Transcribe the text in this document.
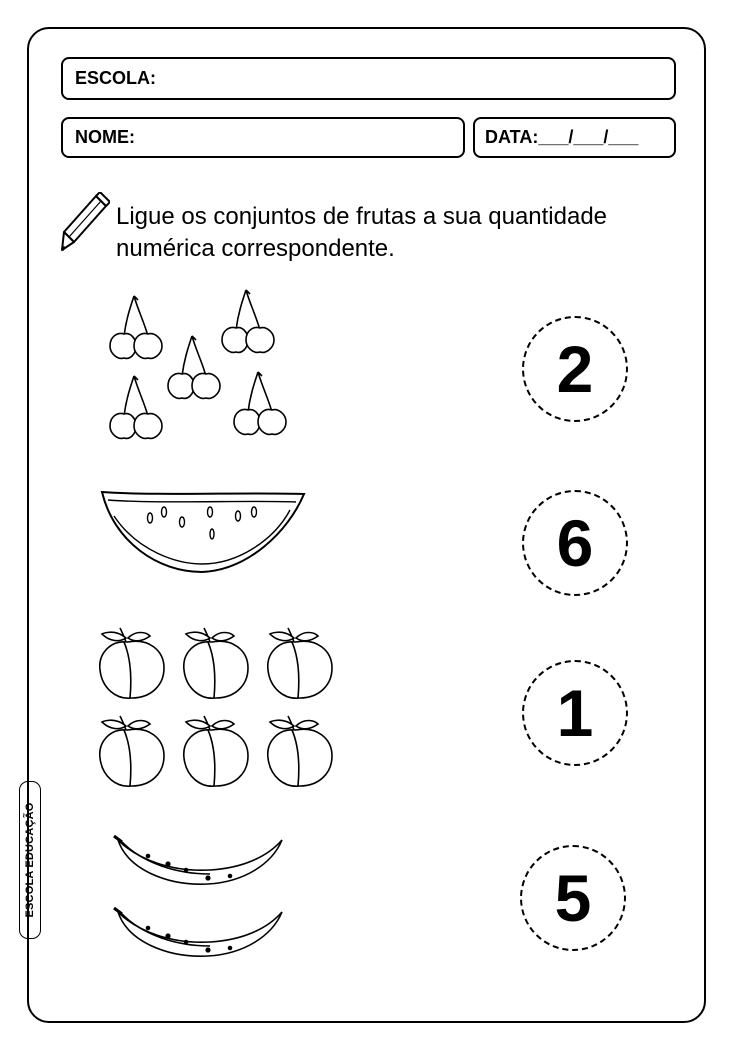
ESCOLA:
NOME:	DATA:___/___/___
Ligue os conjuntos de frutas a sua quantidade
numérica correspondente.
2
6
1
5
ESCOLA EDUCAÇÃO
